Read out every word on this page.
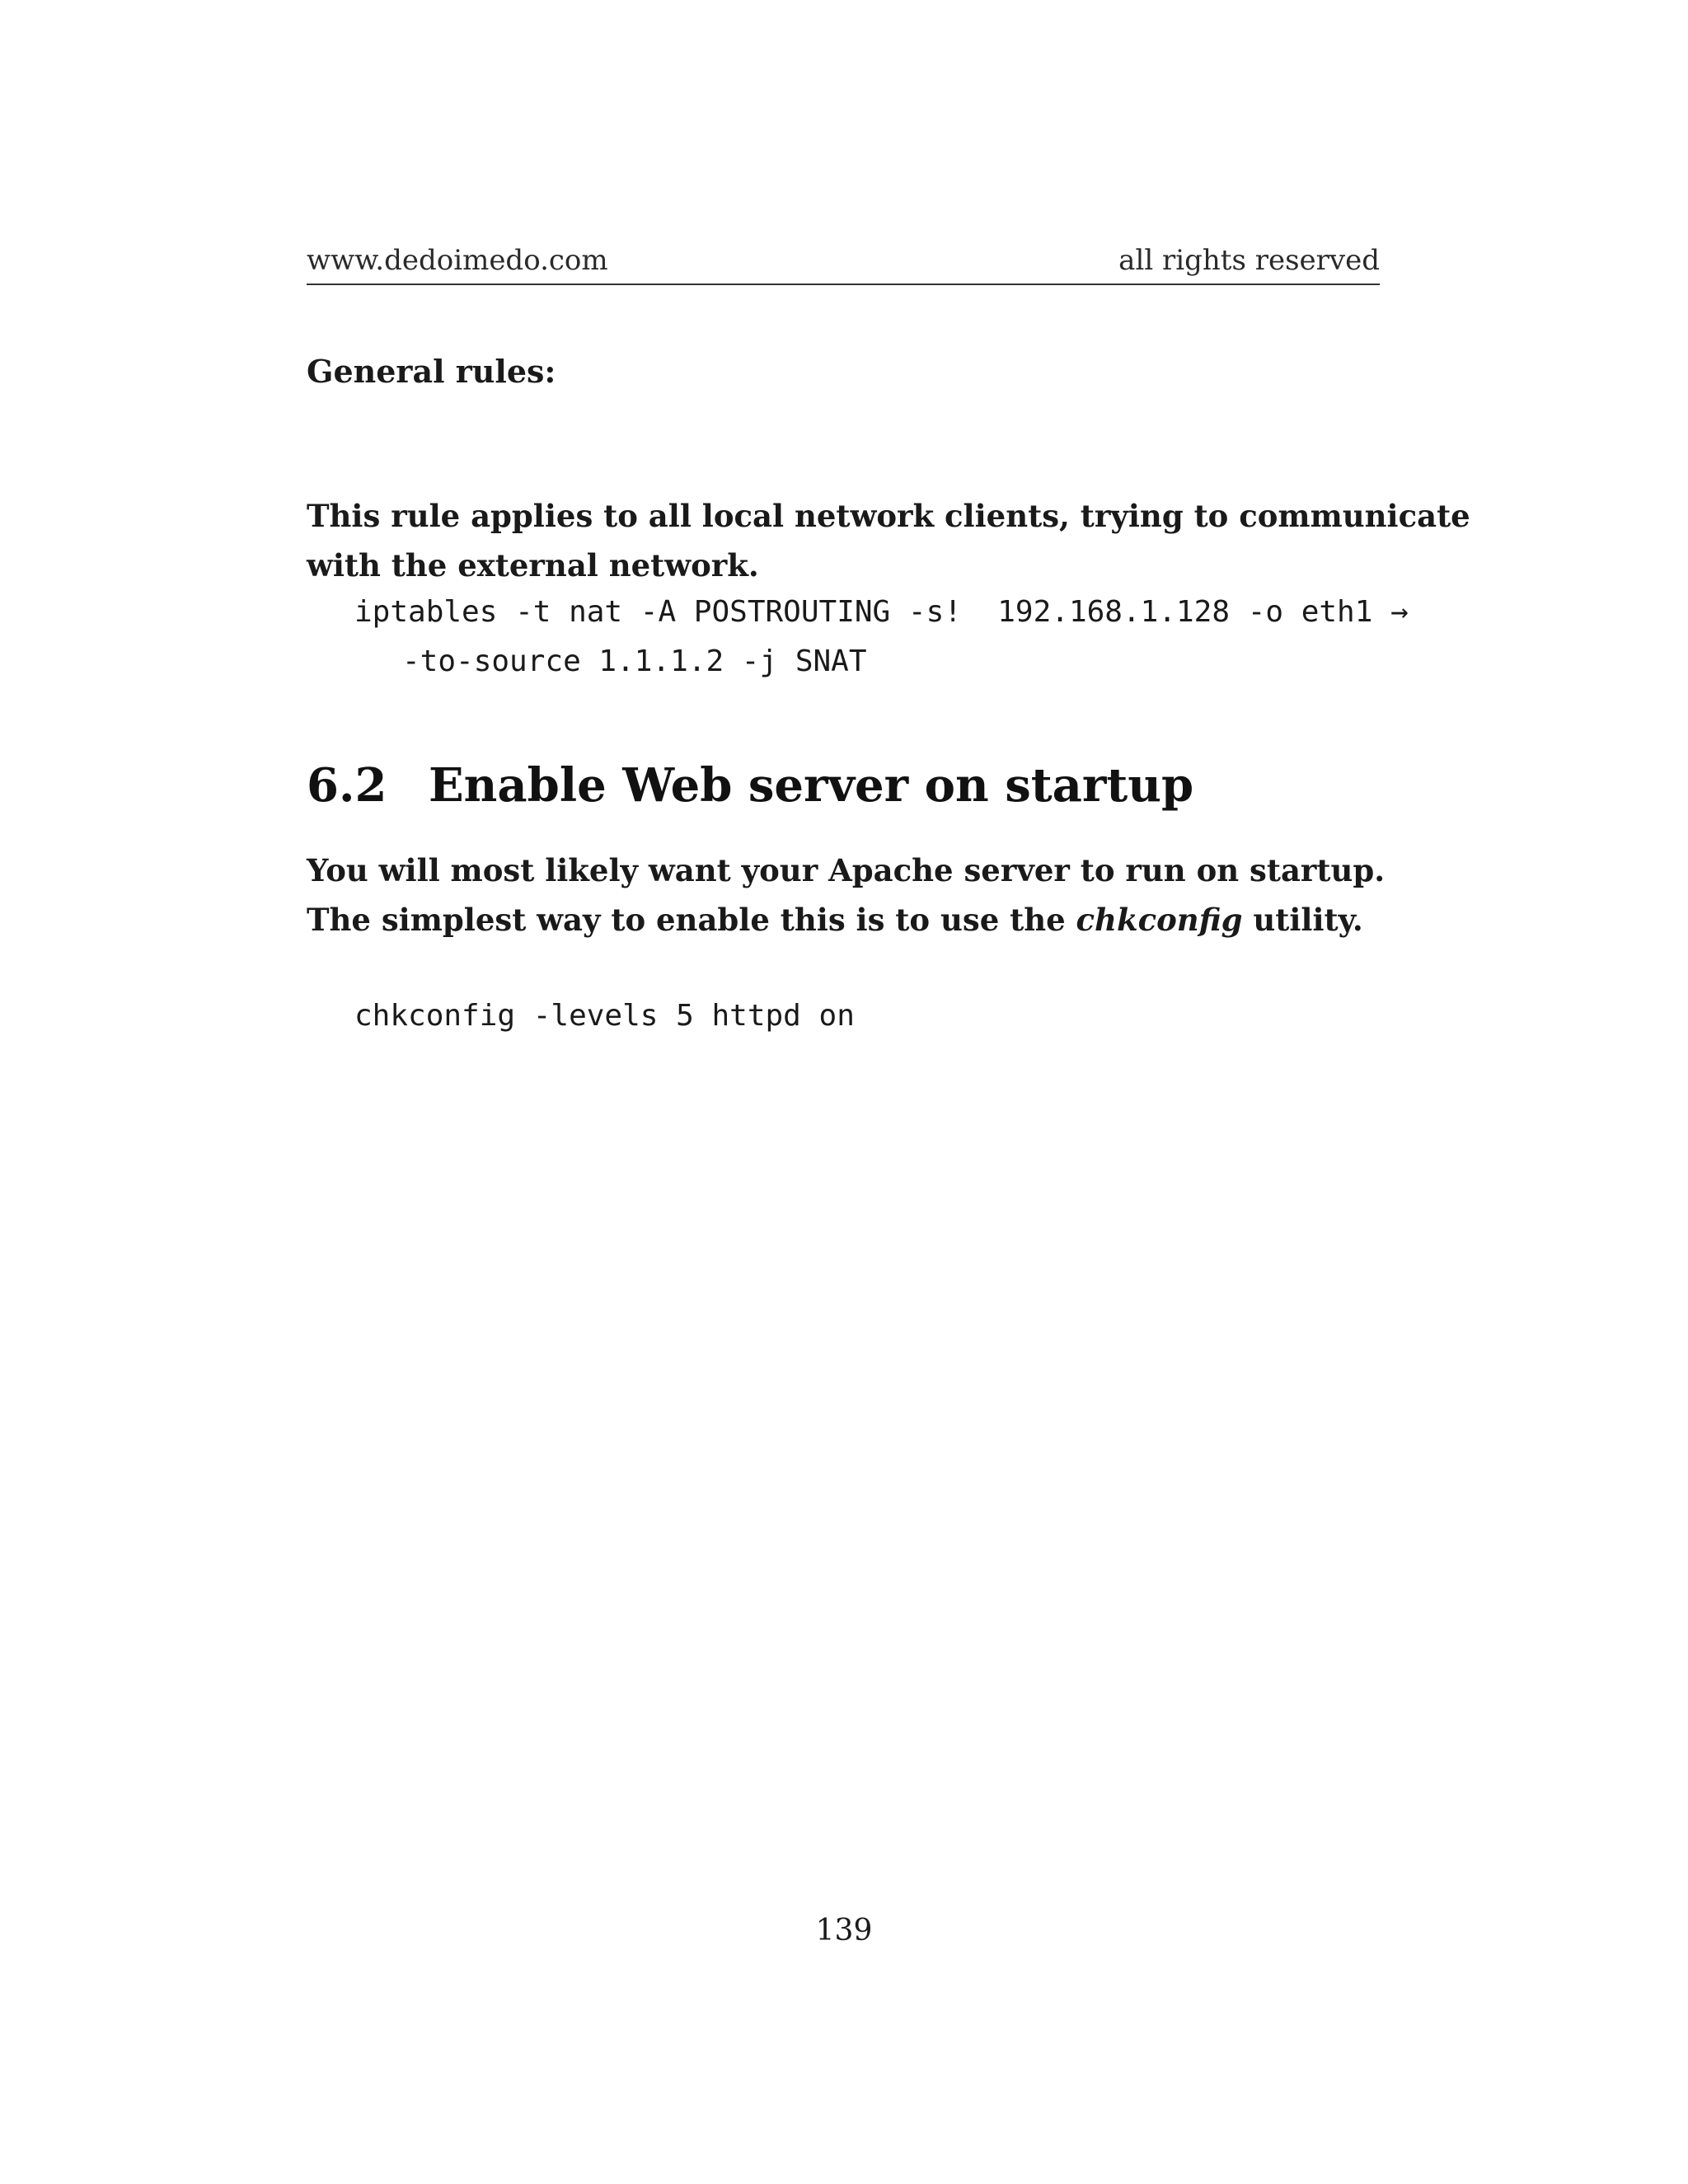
www.dedoimedo.com	all rights reserved
General rules:
This rule applies to all local network clients, trying to communicate
with the external network.
iptables -t nat -A POSTROUTING -s!  192.168.1.128 -o eth1 →
-to-source 1.1.1.2 -j SNAT
6.2 Enable Web server on startup
You will most likely want your Apache server to run on startup.
The simplest way to enable this is to use the chkconfig utility.
chkconfig -levels 5 httpd on
139
